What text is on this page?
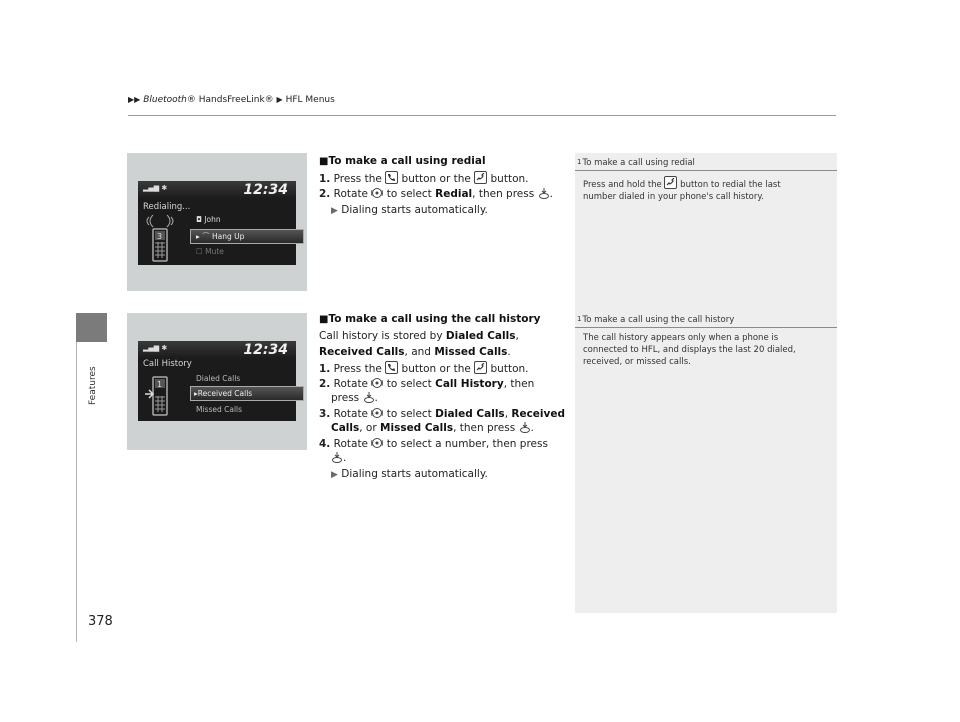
▶▶ Bluetooth® HandsFreeLink® ▶ HFL Menus
Features
378
1To make a call using redial
Press and hold the button to redial the last
number dialed in your phone's call history.
1To make a call using the call history
The call history appears only when a phone is
connected to HFL, and displays the last 20 dialed,
received, or missed calls.
▂▄▆ ✱	12:34
Redialing...
◘ John
▸ ⌒ Hang Up
☐ Mute
3
▂▄▆ ✱	12:34
Call History
Dialed Calls
▸Received Calls
Missed Calls
1
■To make a call using redial
1. Press the button or the button.
2. Rotate to select Redial, then press .
▶ Dialing starts automatically.
■To make a call using the call history
Call history is stored by Dialed Calls,
Received Calls, and Missed Calls.
1. Press the button or the button.
2. Rotate to select Call History, then
press .
3. Rotate to select Dialed Calls, Received
Calls, or Missed Calls, then press .
4. Rotate to select a number, then press
.
▶ Dialing starts automatically.
